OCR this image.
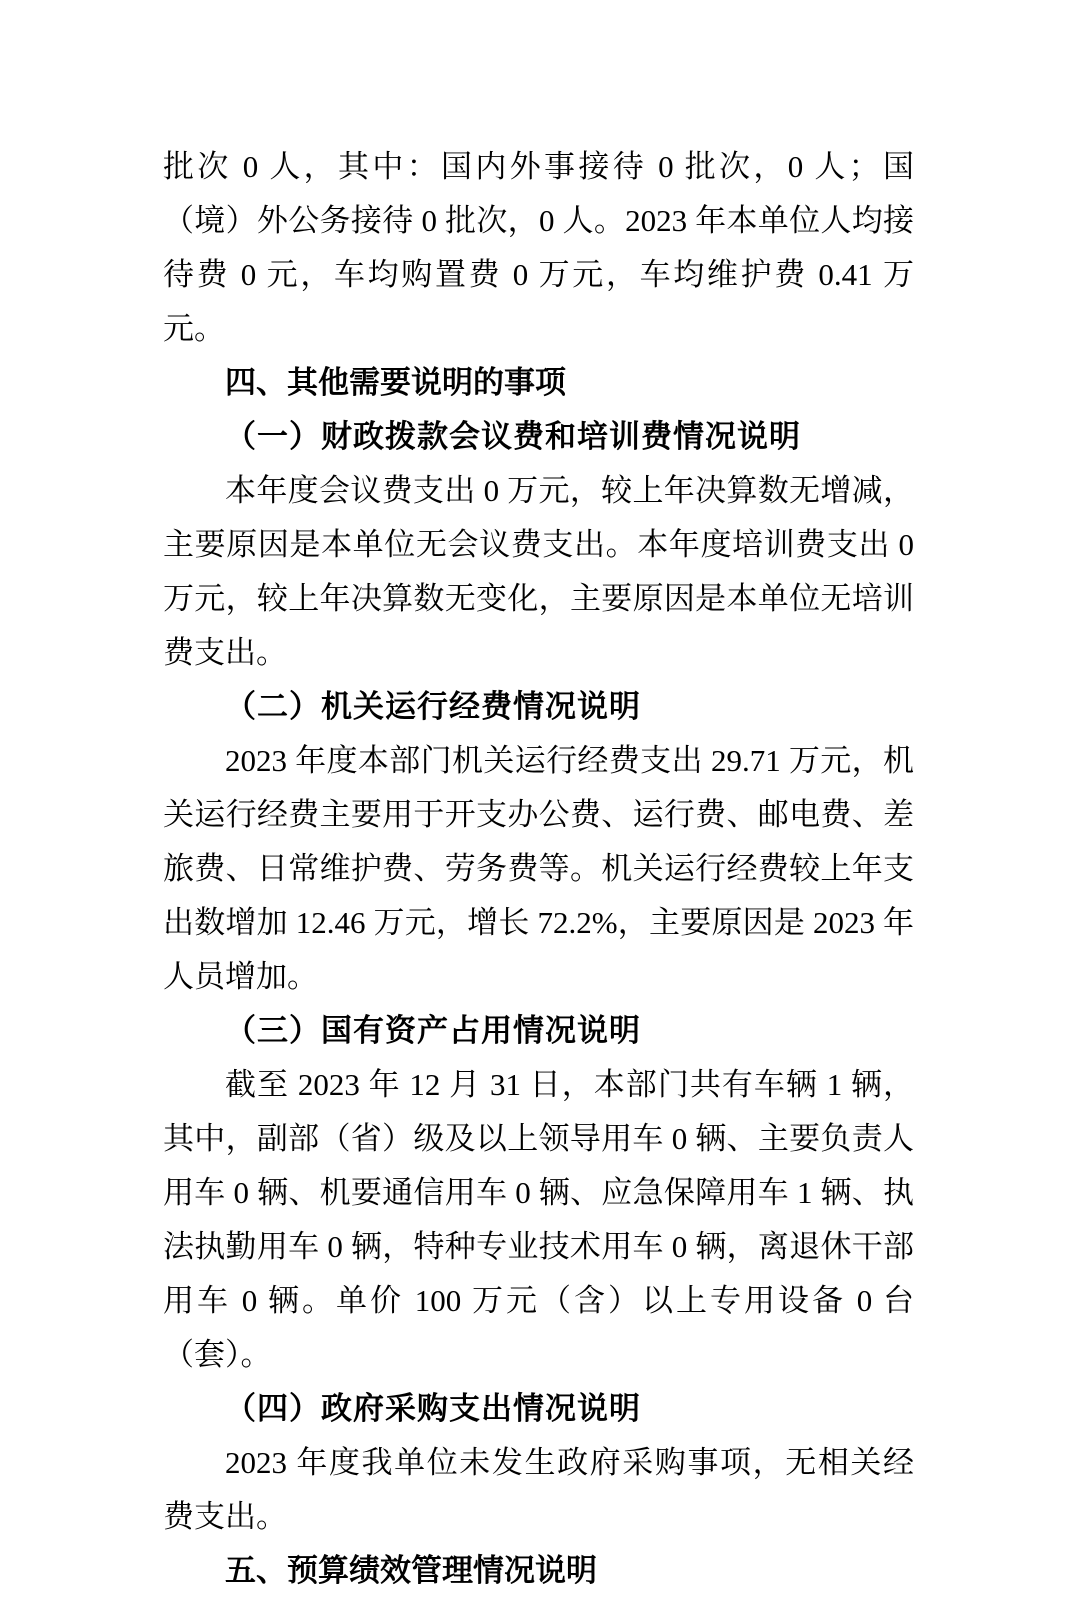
批次 0 人，其中：国内外事接待 0 批次，0 人；国（境）外公务接待 0 批次，0 人。2023 年本单位人均接待费 0 元，车均购置费 0 万元，车均维护费 0.41 万元。

四、其他需要说明的事项

（一）财政拨款会议费和培训费情况说明

本年度会议费支出 0 万元，较上年决算数无增减，主要原因是本单位无会议费支出。本年度培训费支出 0 万元，较上年决算数无变化，主要原因是本单位无培训费支出。

（二）机关运行经费情况说明

2023 年度本部门机关运行经费支出 29.71 万元，机关运行经费主要用于开支办公费、运行费、邮电费、差旅费、日常维护费、劳务费等。机关运行经费较上年支出数增加 12.46 万元，增长 72.2%，主要原因是 2023 年人员增加。

（三）国有资产占用情况说明

截至 2023 年 12 月 31 日，本部门共有车辆 1 辆，其中，副部（省）级及以上领导用车 0 辆、主要负责人用车 0 辆、机要通信用车 0 辆、应急保障用车 1 辆、执法执勤用车 0 辆，特种专业技术用车 0 辆，离退休干部用车 0 辆。单价 100 万元（含）以上专用设备 0 台（套）。

（四）政府采购支出情况说明

2023 年度我单位未发生政府采购事项，无相关经费支出。

五、预算绩效管理情况说明
